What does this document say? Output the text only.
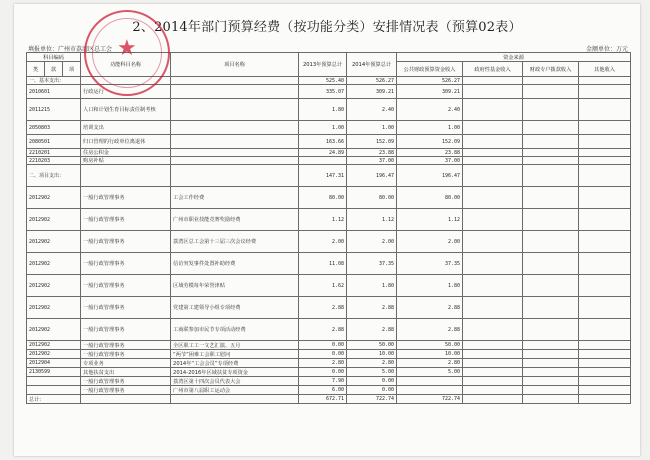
2、2014年部门预算经费（按功能分类）安排情况表（预算02表）
填报单位：广州市荔湾区总工会	金额单位：万元
科目编码			功能科目名称	项目名称	2013年预算总计	2014年预算总计	资金来源			
类	款	项					公共财政预算资金收入	政府性基金收入	财政专户拨款收入	其他收入
一、基本支出：					525.40	526.27	526.27			
2010601			行政运行		335.07	309.21	309.21			
2011215			人口和计划生育目标责任制考核		1.80	2.40	2.40			
2050803			培训支出		1.00	1.00	1.00			
2080501			归口管理的行政单位离退休		163.66	152.09	152.09			
2210201			住房公积金		24.89	23.88	23.88			
2210203			购房补贴			37.00	37.00			
二、项目支出：					147.31	196.47	196.47			
2012902			一般行政管理事务	工会工作经费	80.00	80.00	80.00			
2012902			一般行政管理事务	广州市职业技能竞赛奖励经费	1.12	1.12	1.12			
2012902			一般行政管理事务	荔湾区总工会第十三届三次会议经费	2.00	2.00	2.00			
2012902			一般行政管理事务	信访突发事件处置补助经费	11.08	37.35	37.35			
2012902			一般行政管理事务	区域劳模每年荣誉津贴	1.62	1.80	1.80			
2012902			一般行政管理事务	党建第工建领导小组专项经费	2.88	2.88	2.88			
2012902			一般行政管理事务	工商联参加市民节专项活动经费	2.88	2.88	2.88			
2012902			一般行政管理事务	全区职工工一文艺汇演、五月	0.00	50.00	50.00			
2012902			一般行政管理事务	“两节”困难工会职工慰问	0.00	10.00	10.00			
2012904			专项业务	2014年“工会会员”专项经费	2.80	2.80	2.80			
2130599			其他扶贫支出	2014-2016年区域扶贫专项资金	0.00	5.00	5.00			
			一般行政管理事务	荔湾区第十四次会员代表大会	7.90	0.00				
			一般行政管理事务	广州市第八届职工运动会	6.00	0.00				
总计：					672.71	722.74	722.74			
★
